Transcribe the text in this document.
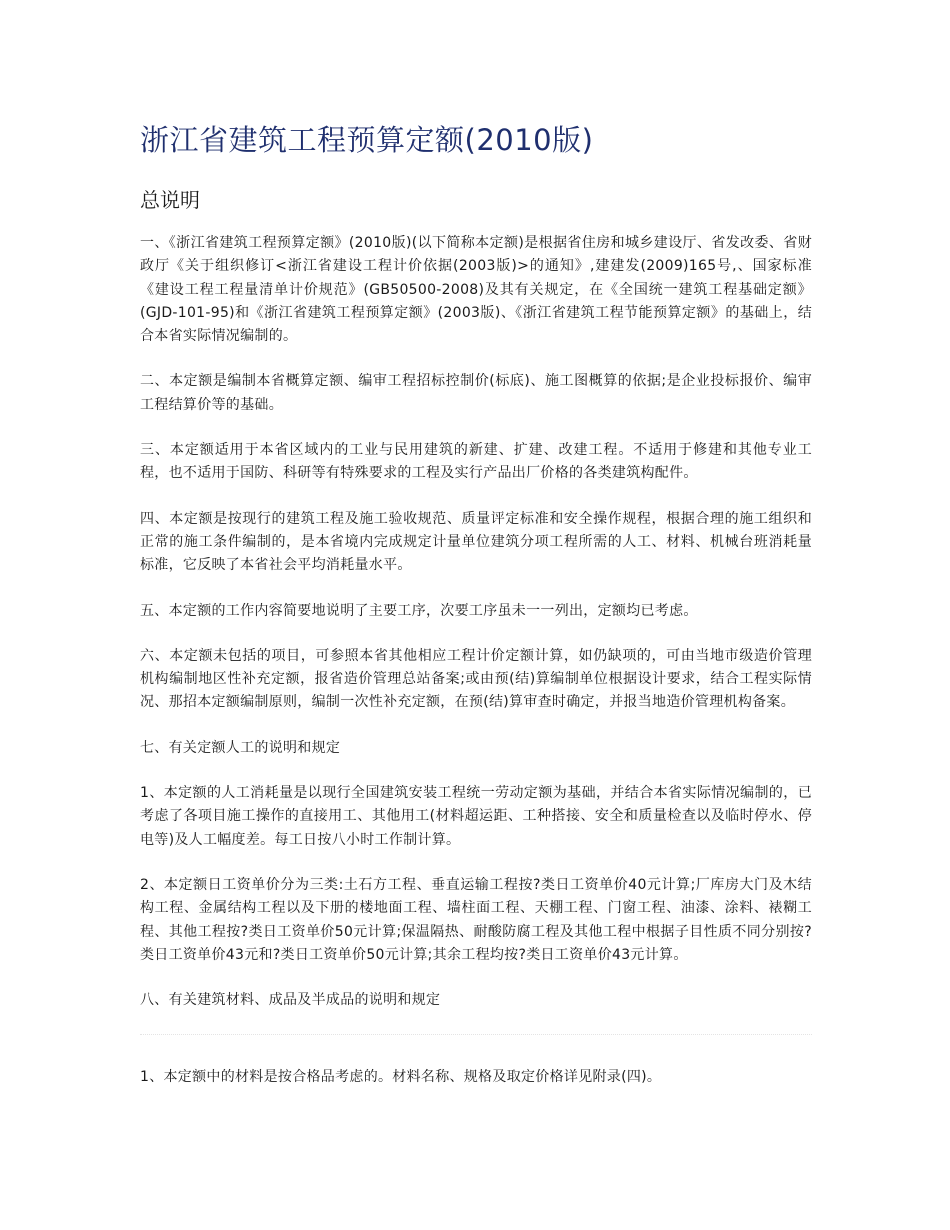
浙江省建筑工程预算定额(2010版)
总说明

一、《浙江省建筑工程预算定额》(2010版)(以下简称本定额)是根据省住房和城乡建设厅、省发改委、省财政厅《关于组织修订<浙江省建设工程计价依据(2003版)>的通知》,建建发(2009)165号,、国家标准《建设工程工程量清单计价规范》(GB50500-2008)及其有关规定，在《全国统一建筑工程基础定额》(GJD-101-95)和《浙江省建筑工程预算定额》(2003版)、《浙江省建筑工程节能预算定额》的基础上，结合本省实际情况编制的。

二、本定额是编制本省概算定额、编审工程招标控制价(标底)、施工图概算的依据;是企业投标报价、编审工程结算价等的基础。

三、本定额适用于本省区域内的工业与民用建筑的新建、扩建、改建工程。不适用于修建和其他专业工程，也不适用于国防、科研等有特殊要求的工程及实行产品出厂价格的各类建筑构配件。

四、本定额是按现行的建筑工程及施工验收规范、质量评定标准和安全操作规程，根据合理的施工组织和正常的施工条件编制的，是本省境内完成规定计量单位建筑分项工程所需的人工、材料、机械台班消耗量标准，它反映了本省社会平均消耗量水平。

五、本定额的工作内容简要地说明了主要工序，次要工序虽未一一列出，定额均已考虑。

六、本定额未包括的项目，可参照本省其他相应工程计价定额计算，如仍缺项的，可由当地市级造价管理机构编制地区性补充定额，报省造价管理总站备案;或由预(结)算编制单位根据设计要求，结合工程实际情况、那招本定额编制原则，编制一次性补充定额，在预(结)算审查时确定，并报当地造价管理机构备案。

七、有关定额人工的说明和规定

1、本定额的人工消耗量是以现行全国建筑安装工程统一劳动定额为基础，并结合本省实际情况编制的，已考虑了各项目施工操作的直接用工、其他用工(材料超运距、工种搭接、安全和质量检查以及临时停水、停电等)及人工幅度差。每工日按八小时工作制计算。

2、本定额日工资单价分为三类:土石方工程、垂直运输工程按?类日工资单价40元计算;厂库房大门及木结构工程、金属结构工程以及下册的楼地面工程、墙柱面工程、天棚工程、门窗工程、油漆、涂料、裱糊工程、其他工程按?类日工资单价50元计算;保温隔热、耐酸防腐工程及其他工程中根据子目性质不同分别按?类日工资单价43元和?类日工资单价50元计算;其余工程均按?类日工资单价43元计算。

八、有关建筑材料、成品及半成品的说明和规定

1、本定额中的材料是按合格品考虑的。材料名称、规格及取定价格详见附录(四)。
